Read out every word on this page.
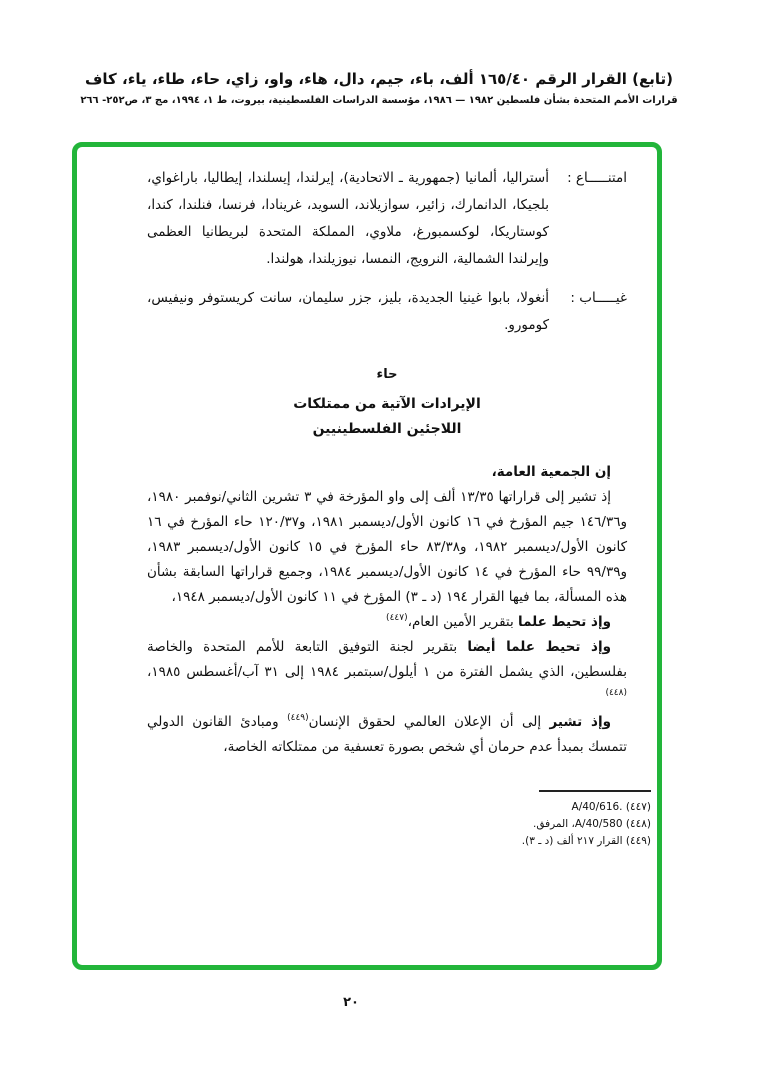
(تابع) القرار الرقم ١٦٥/٤٠ ألف، باء، جيم، دال، هاء، واو، زاي، حاء، طاء، ياء، كاف
قرارات الأمم المتحدة بشأن فلسطين ١٩٨٢ — ١٩٨٦، مؤسسة الدراسات الفلسطينية، بيروت، ط ١، ١٩٩٤، مج ٣، ص٢٥٢- ٢٦٦
امتنـــــاع :
أستراليا، ألمانيا (جمهورية ـ الاتحادية)، إيرلندا، إيسلندا، إيطاليا، باراغواي، بلجيكا، الدانمارك، زائير، سوازيلاند، السويد، غرينادا، فرنسا، فنلندا، كندا، كوستاريكا، لوكسمبورغ، ملاوي، المملكة المتحدة لبريطانيا العظمى وإيرلندا الشمالية، النرويج، النمسا، نيوزيلندا، هولندا.
غيـــــاب :
أنغولا، بابوا غينيا الجديدة، بليز، جزر سليمان، سانت كريستوفر ونيفيس، كومورو.
حاء
الإيرادات الآتية من ممتلكات
اللاجئين الفلسطينيين

إن الجمعية العامة،

إذ تشير إلى قراراتها ١٣/٣٥ ألف إلى واو المؤرخة في ٣ تشرين الثاني/نوفمبر ١٩٨٠، و١٤٦/٣٦ جيم المؤرخ في ١٦ كانون الأول/ديسمبر ١٩٨١، و١٢٠/٣٧ حاء المؤرخ في ١٦ كانون الأول/ديسمبر ١٩٨٢، و٨٣/٣٨ حاء المؤرخ في ١٥ كانون الأول/ديسمبر ١٩٨٣، و٩٩/٣٩ حاء المؤرخ في ١٤ كانون الأول/ديسمبر ١٩٨٤، وجميع قراراتها السابقة بشأن هذه المسألة، بما فيها القرار ١٩٤ (د ـ ٣) المؤرخ في ١١ كانون الأول/ديسمبر ١٩٤٨،

وإذ تحيط علما بتقرير الأمين العام،$^{(٤٤٧)}$

وإذ تحيط علما أيضا بتقرير لجنة التوفيق التابعة للأمم المتحدة والخاصة بفلسطين، الذي يشمل الفترة من ١ أيلول/سبتمبر ١٩٨٤ إلى ٣١ آب/أغسطس ١٩٨٥،$^{(٤٤٨)}$

وإذ تشير إلى أن الإعلان العالمي لحقوق الإنسان$^{(٤٤٩)}$ ومبادئ القانون الدولي تتمسك بمبدأ عدم حرمان أي شخص بصورة تعسفية من ممتلكاته الخاصة،

(٤٤٧) A/40/616.‎
(٤٤٨) A/40/580، المرفق.
(٤٤٩) القرار ٢١٧ ألف (د ـ ٣).
٢٠
